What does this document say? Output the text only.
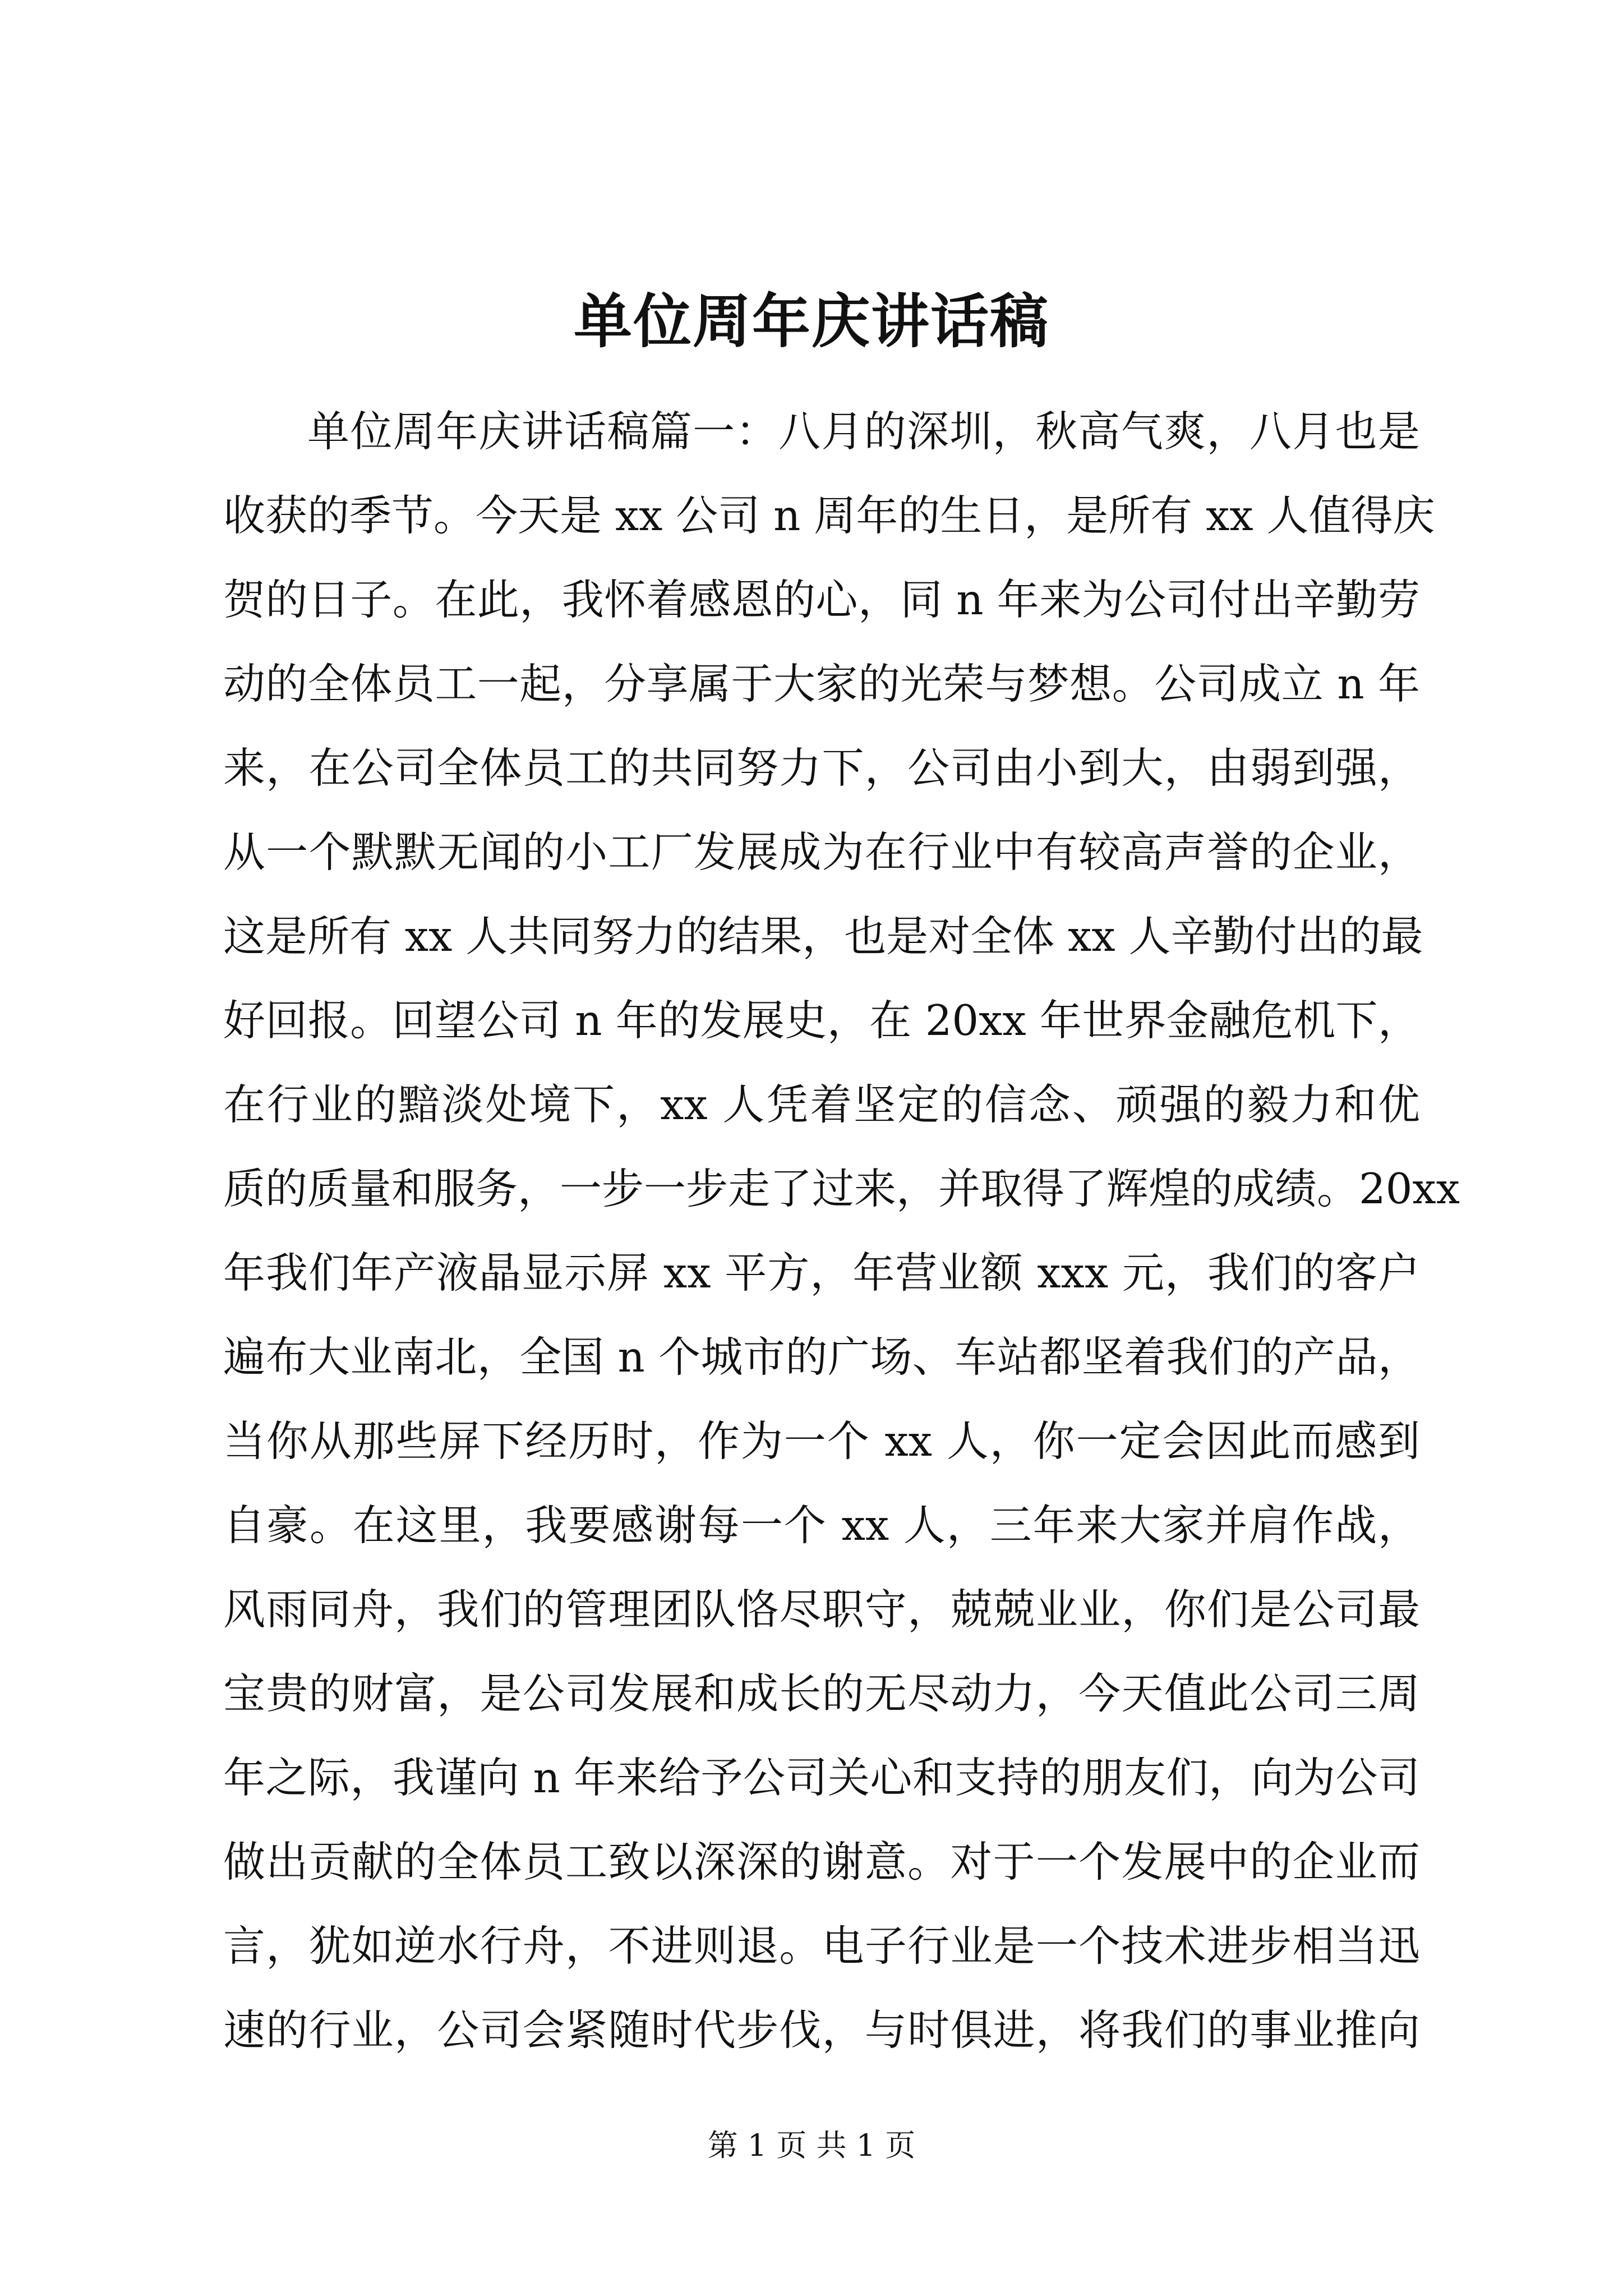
单位周年庆讲话稿
单位周年庆讲话稿篇一：八月的深圳，秋高气爽，八月也是
收获的季节。今天是 xx 公司 n 周年的生日，是所有 xx 人值得庆
贺的日子。在此，我怀着感恩的心，同 n 年来为公司付出辛勤劳
动的全体员工一起，分享属于大家的光荣与梦想。公司成立 n 年
来，在公司全体员工的共同努力下，公司由小到大，由弱到强，
从一个默默无闻的小工厂发展成为在行业中有较高声誉的企业，
这是所有 xx 人共同努力的结果，也是对全体 xx 人辛勤付出的最
好回报。回望公司 n 年的发展史，在 20xx 年世界金融危机下，
在行业的黯淡处境下，xx 人凭着坚定的信念、顽强的毅力和优
质的质量和服务，一步一步走了过来，并取得了辉煌的成绩。20xx
年我们年产液晶显示屏 xx 平方，年营业额 xxx 元，我们的客户
遍布大业南北，全国 n 个城市的广场、车站都坚着我们的产品，
当你从那些屏下经历时，作为一个 xx 人，你一定会因此而感到
自豪。在这里，我要感谢每一个 xx 人，三年来大家并肩作战，
风雨同舟，我们的管理团队恪尽职守，兢兢业业，你们是公司最
宝贵的财富，是公司发展和成长的无尽动力，今天值此公司三周
年之际，我谨向 n 年来给予公司关心和支持的朋友们，向为公司
做出贡献的全体员工致以深深的谢意。对于一个发展中的企业而
言，犹如逆水行舟，不进则退。电子行业是一个技术进步相当迅
速的行业，公司会紧随时代步伐，与时俱进，将我们的事业推向
第 1 页 共 1 页
